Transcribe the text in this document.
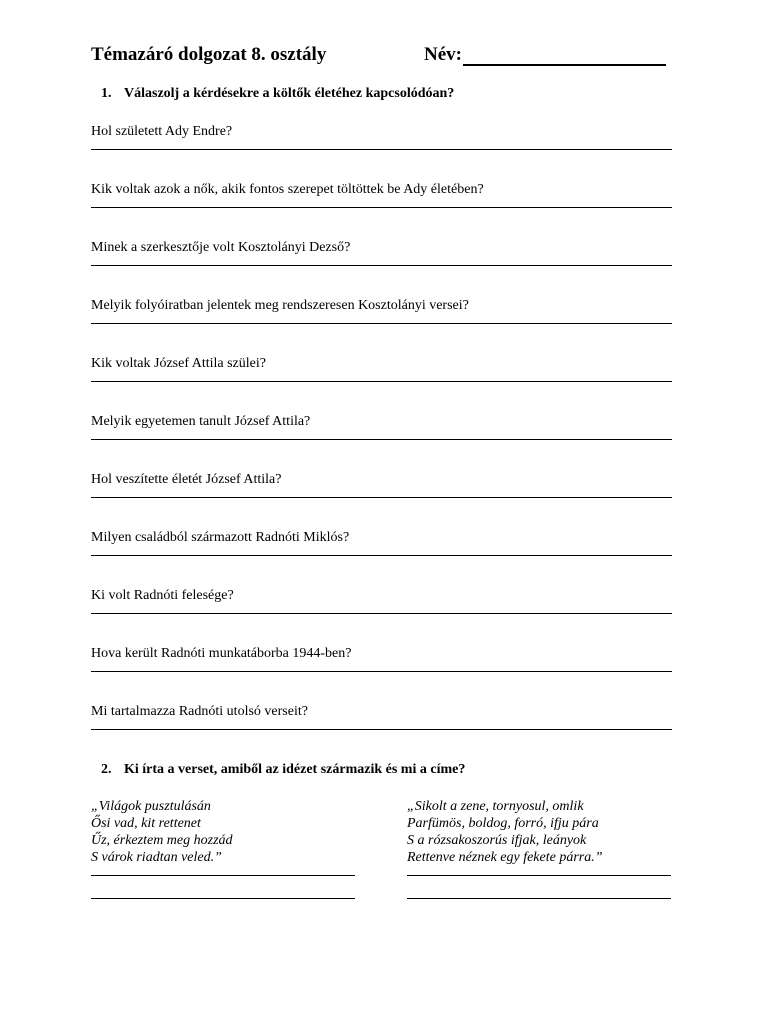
Témazáró dolgozat 8. osztály	Név:
1. Válaszolj a kérdésekre a költők életéhez kapcsolódóan?
Hol született Ady Endre?
Kik voltak azok a nők, akik fontos szerepet töltöttek be Ady életében?
Minek a szerkesztője volt Kosztolányi Dezső?
Melyik folyóiratban jelentek meg rendszeresen Kosztolányi versei?
Kik voltak József Attila szülei?
Melyik egyetemen tanult József Attila?
Hol veszítette életét József Attila?
Milyen családból származott Radnóti Miklós?
Ki volt Radnóti felesége?
Hova került Radnóti munkatáborba 1944-ben?
Mi tartalmazza Radnóti utolsó verseit?
2. Ki írta a verset, amiből az idézet származik és mi a címe?
„Világok pusztulásán
Ősi vad, kit rettenet
Űz, érkeztem meg hozzád
S várok riadtan veled.”
„Sikolt a zene, tornyosul, omlik
Parfümös, boldog, forró, ifju pára
S a rózsakoszorús ifjak, leányok
Rettenve néznek egy fekete párra.”
